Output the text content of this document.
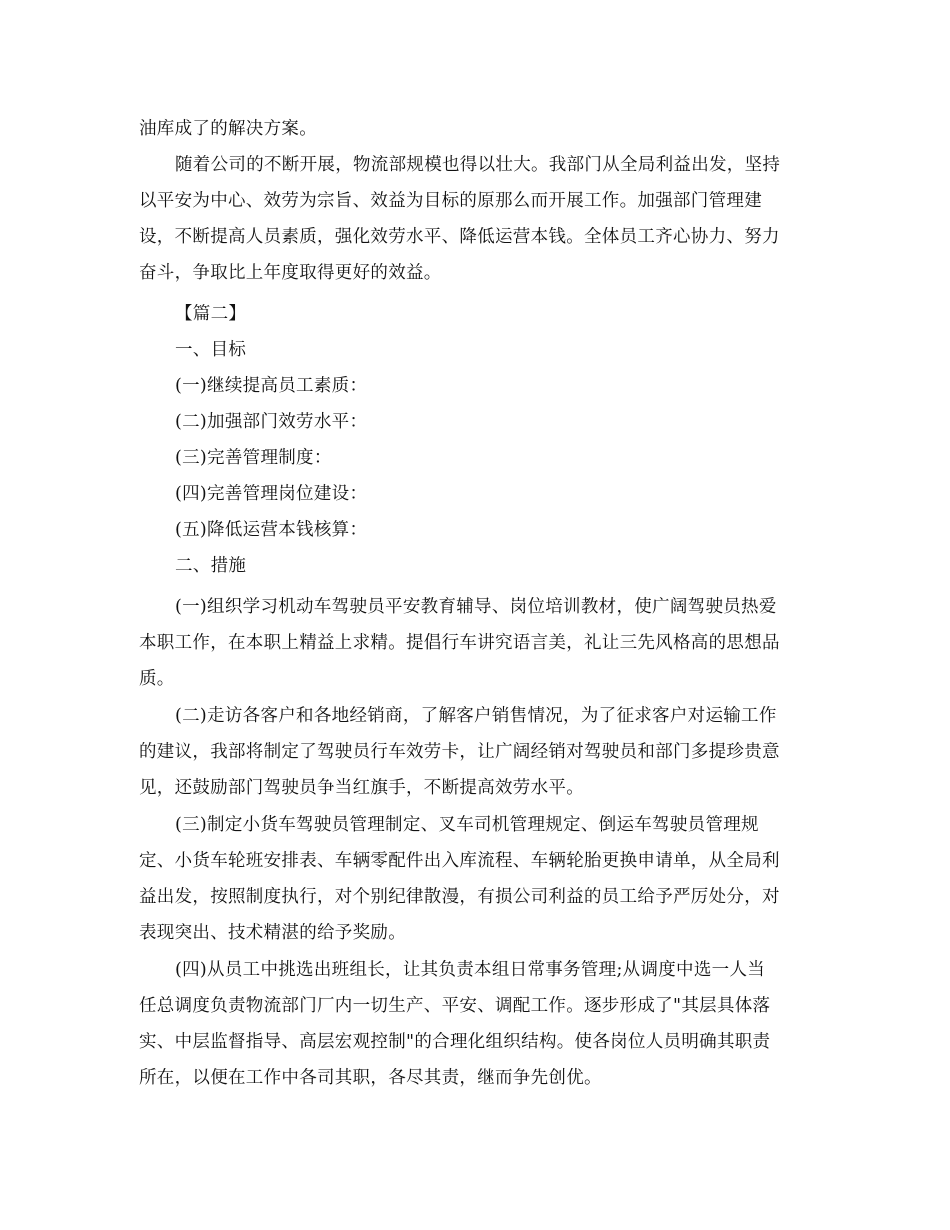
油库成了的解决方案。
随着公司的不断开展，物流部规模也得以壮大。我部门从全局利益出发，坚持
以平安为中心、效劳为宗旨、效益为目标的原那么而开展工作。加强部门管理建
设，不断提高人员素质，强化效劳水平、降低运营本钱。全体员工齐心协力、努力
奋斗，争取比上年度取得更好的效益。
【篇二】
一、目标
(一)继续提高员工素质：
(二)加强部门效劳水平：
(三)完善管理制度：
(四)完善管理岗位建设：
(五)降低运营本钱核算：
二、措施
(一)组织学习机动车驾驶员平安教育辅导、岗位培训教材，使广阔驾驶员热爱
本职工作，在本职上精益上求精。提倡行车讲究语言美，礼让三先风格高的思想品
质。
(二)走访各客户和各地经销商，了解客户销售情况，为了征求客户对运输工作
的建议，我部将制定了驾驶员行车效劳卡，让广阔经销对驾驶员和部门多提珍贵意
见，还鼓励部门驾驶员争当红旗手，不断提高效劳水平。
(三)制定小货车驾驶员管理制定、叉车司机管理规定、倒运车驾驶员管理规
定、小货车轮班安排表、车辆零配件出入库流程、车辆轮胎更换申请单，从全局利
益出发，按照制度执行，对个别纪律散漫，有损公司利益的员工给予严厉处分，对
表现突出、技术精湛的给予奖励。
(四)从员工中挑选出班组长，让其负责本组日常事务管理;从调度中选一人当
任总调度负责物流部门厂内一切生产、平安、调配工作。逐步形成了"其层具体落
实、中层监督指导、高层宏观控制"的合理化组织结构。使各岗位人员明确其职责
所在，以便在工作中各司其职，各尽其责，继而争先创优。
